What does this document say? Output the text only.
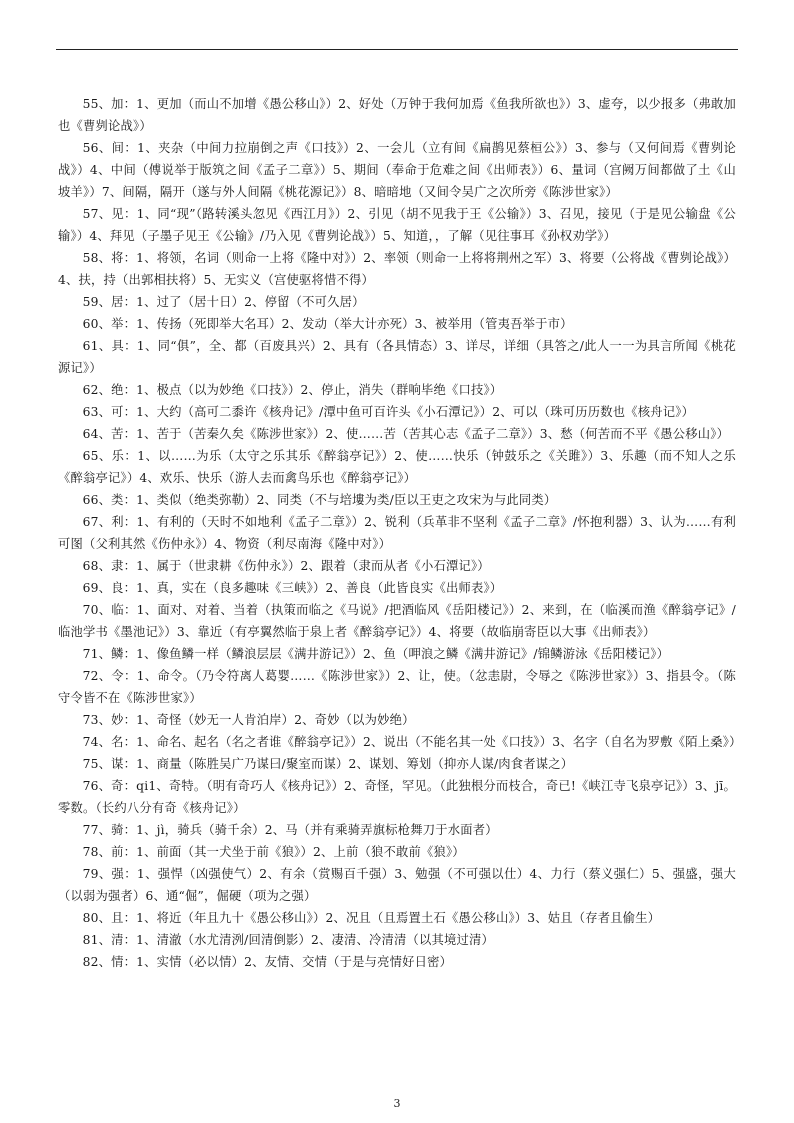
55、加：1、更加（而山不加增《愚公移山》）2、好处（万钟于我何加焉《鱼我所欲也》）3、虚夸，以少报多（弗敢加也《曹刿论战》）

56、间：1、夹杂（中间力拉崩倒之声《口技》）2、一会儿（立有间《扁鹊见蔡桓公》）3、参与（又何间焉《曹刿论战》）4、中间（傅说举于版筑之间《孟子二章》）5、期间（奉命于危难之间《出师表》）6、量词（宫阙万间都做了土《山坡羊》）7、间隔，隔开（遂与外人间隔《桃花源记》）8、暗暗地（又间令吴广之次所旁《陈涉世家》）

57、见：1、同“现”（路转溪头忽见《西江月》）2、引见（胡不见我于王《公输》）3、召见，接见（于是见公输盘《公输》）4、拜见（子墨子见王《公输》/乃入见《曹刿论战》）5、知道，，了解（见往事耳《孙权劝学》）

58、将：1、将领，名词（则命一上将《隆中对》）2、率领（则命一上将将荆州之军）3、将要（公将战《曹刿论战》）4、扶，持（出郭相扶将）5、无实义（宫使驱将惜不得）

59、居：1、过了（居十日）2、停留（不可久居）

60、举：1、传扬（死即举大名耳）2、发动（举大计亦死）3、被举用（管夷吾举于市）

61、具：1、同“俱”，全、都（百废具兴）2、具有（各具情态）3、详尽，详细（具答之/此人一一为具言所闻《桃花源记》）

62、绝：1、极点（以为妙绝《口技》）2、停止，消失（群响毕绝《口技》）

63、可：1、大约（高可二黍许《核舟记》/潭中鱼可百许头《小石潭记》）2、可以（珠可历历数也《核舟记》）

64、苦：1、苦于（苦秦久矣《陈涉世家》）2、使……苦（苦其心志《孟子二章》）3、愁（何苦而不平《愚公移山》）

65、乐：1、以……为乐（太守之乐其乐《醉翁亭记》）2、使……快乐（钟鼓乐之《关雎》）3、乐趣（而不知人之乐《醉翁亭记》）4、欢乐、快乐（游人去而禽鸟乐也《醉翁亭记》）

66、类：1、类似（绝类弥勒）2、同类（不与培塿为类/臣以王吏之攻宋为与此同类）

67、利：1、有利的（天时不如地利《孟子二章》）2、锐利（兵革非不坚利《孟子二章》/怀抱利器）3、认为……有利可图（父利其然《伤仲永》）4、物资（利尽南海《隆中对》）

68、隶：1、属于（世隶耕《伤仲永》）2、跟着（隶而从者《小石潭记》）

69、良：1、真，实在（良多趣味《三峡》）2、善良（此皆良实《出师表》）

70、临：1、面对、对着、当着（执策而临之《马说》/把酒临风《岳阳楼记》）2、来到，在（临溪而渔《醉翁亭记》/临池学书《墨池记》）3、靠近（有亭翼然临于泉上者《醉翁亭记》）4、将要（故临崩寄臣以大事《出师表》）

71、鳞：1、像鱼鳞一样（鳞浪层层《满井游记》）2、鱼（呷浪之鳞《满井游记》/锦鳞游泳《岳阳楼记》）

72、令：1、命令。（乃令符离人葛婴……《陈涉世家》）2、让，使。（忿恚尉，令辱之《陈涉世家》）3、指县令。（陈守令皆不在《陈涉世家》）

73、妙：1、奇怪（妙无一人肯泊岸）2、奇妙（以为妙绝）

74、名：1、命名、起名（名之者谁《醉翁亭记》）2、说出（不能名其一处《口技》）3、名字（自名为罗敷《陌上桑》）

75、谋：1、商量（陈胜吴广乃谋曰/聚室而谋）2、谋划、筹划（抑亦人谋/肉食者谋之）

76、奇：qi1、奇特。（明有奇巧人《核舟记》）2、奇怪，罕见。（此独根分而枝合，奇已!《峡江寺飞泉亭记》）3、jī。零数。（长约八分有奇《核舟记》）

77、骑：1、jì，骑兵（骑千余）2、马（并有乘骑弄旗标枪舞刀于水面者）

78、前：1、前面（其一犬坐于前《狼》）2、上前（狼不敢前《狼》）

79、强：1、强悍（凶强使气）2、有余（赏赐百千强）3、勉强（不可强以仕）4、力行（蔡义强仁）5、强盛，强大（以弱为强者）6、通“倔”，倔硬（项为之强）

80、且：1、将近（年且九十《愚公移山》）2、况且（且焉置土石《愚公移山》）3、姑且（存者且偷生）

81、清：1、清澈（水尤清洌/回清倒影）2、凄清、冷清清（以其境过清）

82、情：1、实情（必以情）2、友情、交情（于是与亮情好日密）

3
